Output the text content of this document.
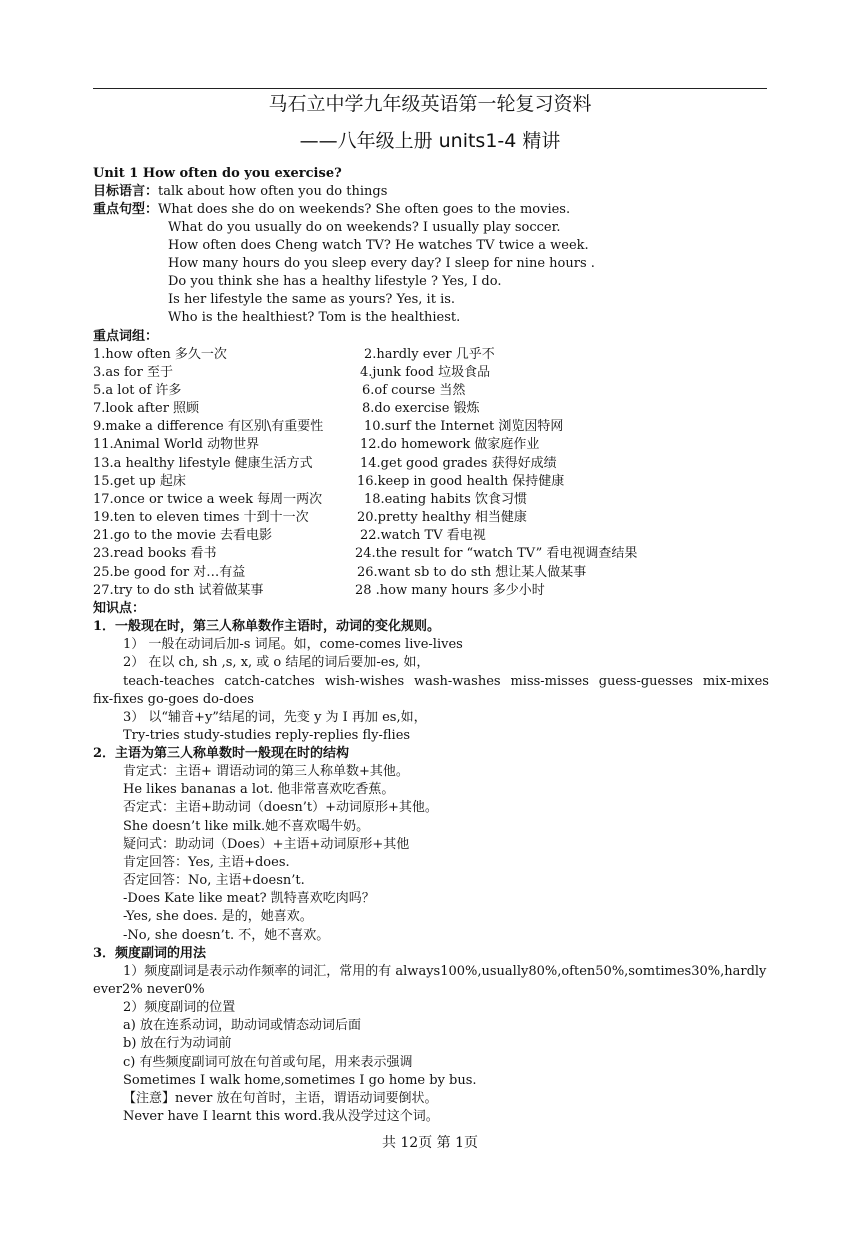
马石立中学九年级英语第一轮复习资料
——八年级上册 units1-4 精讲
Unit 1 How often do you exercise?
目标语言：talk about how often you do things
重点句型：What does she do on weekends? She often goes to the movies.
What do you usually do on weekends? I usually play soccer.
How often does Cheng watch TV? He watches TV twice a week.
How many hours do you sleep every day? I sleep for nine hours .
Do you think she has a healthy lifestyle ? Yes, I do.
Is her lifestyle the same as yours? Yes, it is.
Who is the healthiest? Tom is the healthiest.
重点词组：
1.how often 多久一次
3.as for 至于
5.a lot of 许多
7.look after 照顾
9.make a difference 有区别\有重要性
11.Animal World 动物世界
13.a healthy lifestyle 健康生活方式
15.get up 起床
17.once or twice a week 每周一两次
19.ten to eleven times 十到十一次
21.go to the movie 去看电影
23.read books 看书
25.be good for 对…有益
27.try to do sth 试着做某事
2.hardly ever 几乎不
4.junk food 垃圾食品
6.of course 当然
8.do exercise 锻炼
10.surf the Internet 浏览因特网
12.do homework 做家庭作业
14.get good grades 获得好成绩
16.keep in good health 保持健康
18.eating habits 饮食习惯
20.pretty healthy 相当健康
22.watch TV 看电视
24.the result for “watch TV” 看电视调查结果
26.want sb to do sth 想让某人做某事
28 .how many hours 多少小时
知识点：
1．一般现在时，第三人称单数作主语时，动词的变化规则。
1） 一般在动词后加-s 词尾。如，come-comes live-lives
2） 在以 ch, sh ,s, x, 或 o 结尾的词后要加-es, 如，
teach-teaches catch-catches wish-wishes wash-washes miss-misses guess-guesses mix-mixes
fix-fixes go-goes do-does
3） 以“辅音+y”结尾的词，先变 y 为 I 再加 es,如，
Try-tries study-studies reply-replies fly-flies
2．主语为第三人称单数时一般现在时的结构
肯定式：主语+ 谓语动词的第三人称单数+其他。
He likes bananas a lot. 他非常喜欢吃香蕉。
否定式：主语+助动词（doesn’t）+动词原形+其他。
She doesn’t like milk.她不喜欢喝牛奶。
疑问式：助动词（Does）+主语+动词原形+其他
肯定回答：Yes, 主语+does.
否定回答：No, 主语+doesn’t.
-Does Kate like meat? 凯特喜欢吃肉吗？
-Yes, she does. 是的，她喜欢。
-No, she doesn’t. 不，她不喜欢。
3．频度副词的用法
1）频度副词是表示动作频率的词汇，常用的有 always100%,usually80%,often50%,somtimes30%,hardly
ever2% never0%
2）频度副词的位置
a) 放在连系动词，助动词或情态动词后面
b) 放在行为动词前
c) 有些频度副词可放在句首或句尾，用来表示强调
Sometimes I walk home,sometimes I go home by bus.
【注意】never 放在句首时，主语，谓语动词要倒状。
Never have I learnt this word.我从没学过这个词。
共 12页 第 1页
